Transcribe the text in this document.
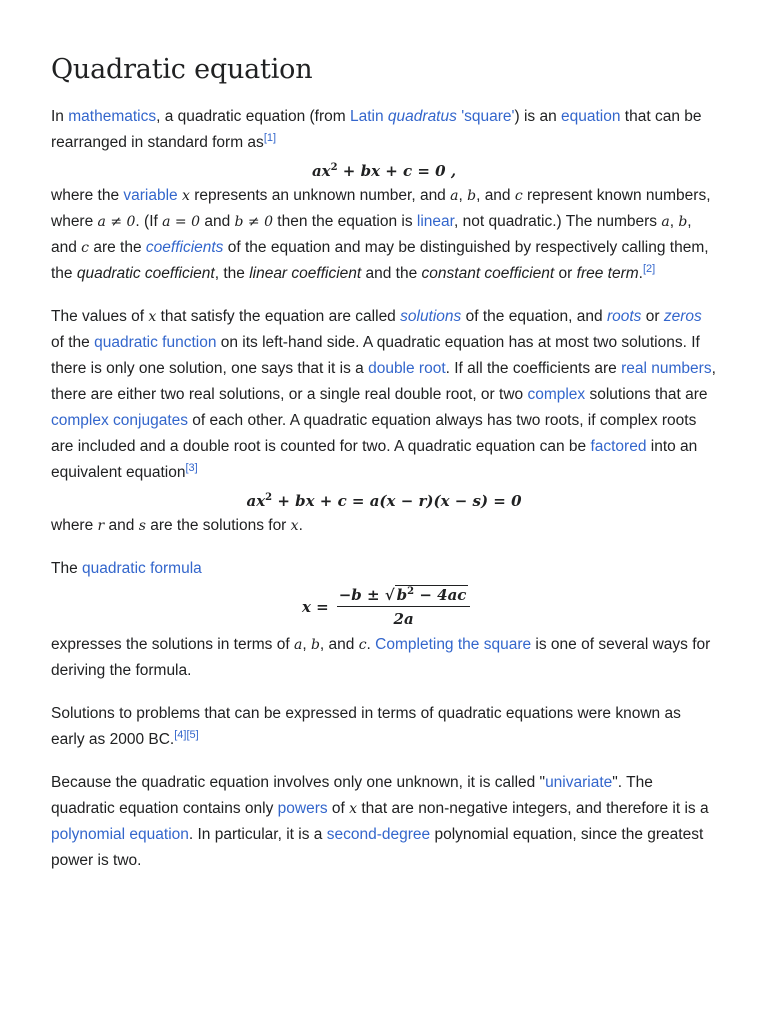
Quadratic equation

In mathematics, a quadratic equation (from Latin quadratus 'square') is an equation that can be rearranged in standard form as[1]

$ax^2$ + bx + c = 0 ,

where the variable x represents an unknown number, and a, b, and c represent known numbers, where a ≠ 0. (If a = 0 and b ≠ 0 then the equation is linear, not quadratic.) The numbers a, b, and c are the coefficients of the equation and may be distinguished by respectively calling them, the quadratic coefficient, the linear coefficient and the constant coefficient or free term.[2]

The values of x that satisfy the equation are called solutions of the equation, and roots or zeros of the quadratic function on its left-hand side. A quadratic equation has at most two solutions. If there is only one solution, one says that it is a double root. If all the coefficients are real numbers, there are either two real solutions, or a single real double root, or two complex solutions that are complex conjugates of each other. A quadratic equation always has two roots, if complex roots are included and a double root is counted for two. A quadratic equation can be factored into an equivalent equation[3]

$ax^2$ + bx + c = a(x − r)(x − s) = 0

where r and s are the solutions for x.

The quadratic formula

$x = \frac{-b \pm √ b^2 - 4ac}{2a}$

expresses the solutions in terms of a, b, and c. Completing the square is one of several ways for deriving the formula.

Solutions to problems that can be expressed in terms of quadratic equations were known as early as 2000 BC.[4][5]

Because the quadratic equation involves only one unknown, it is called "univariate". The quadratic equation contains only powers of x that are non-negative integers, and therefore it is a polynomial equation. In particular, it is a second-degree polynomial equation, since the greatest power is two.
